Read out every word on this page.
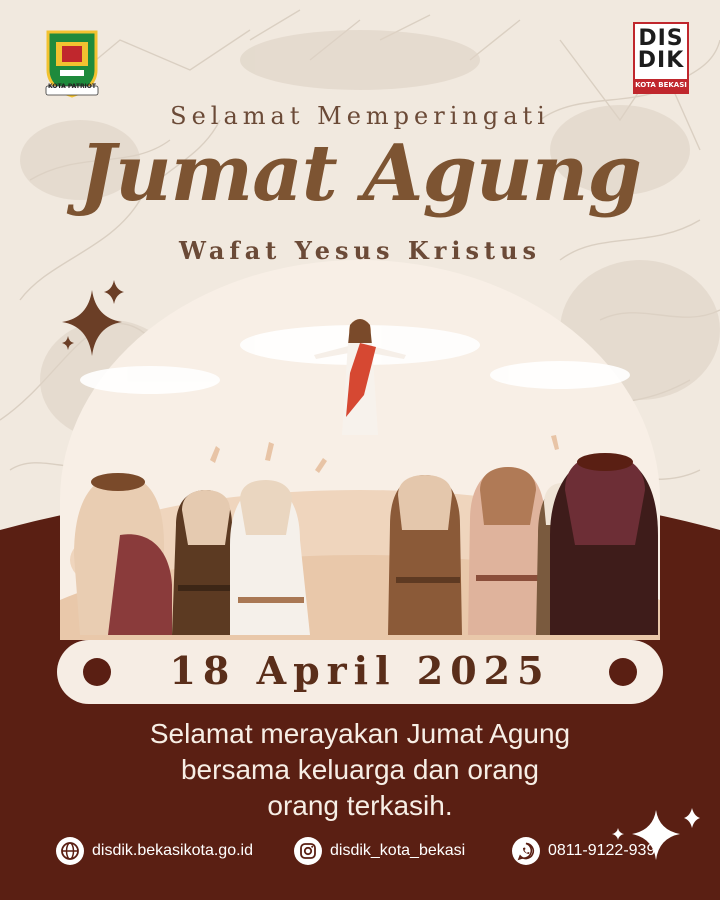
KOTA PATRIOT
DIS DIK
KOTA BEKASI
Selamat Memperingati
Jumat Agung
Wafat Yesus Kristus
18 April 2025
Selamat merayakan Jumat Agung
bersama keluarga dan orang
orang terkasih.
disdik.bekasikota.go.id	disdik_kota_bekasi	0811-9122-939
